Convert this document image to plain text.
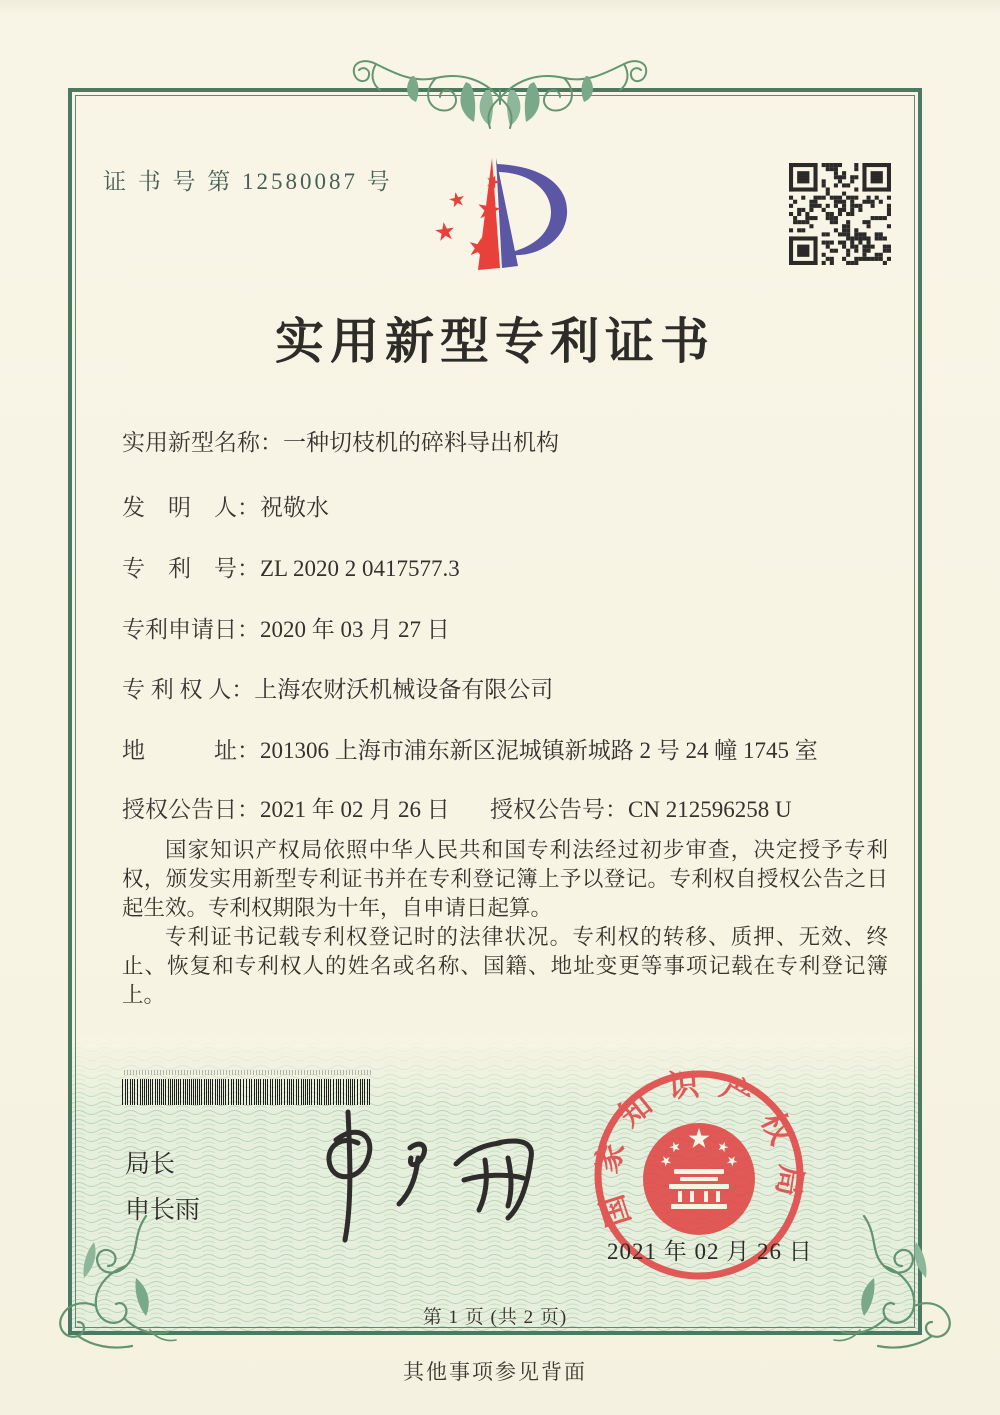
证 书 号 第 12580087 号
实用新型专利证书
实用新型名称：一种切枝机的碎料导出机构
发　明　人：祝敬水
专　利　号：ZL 2020 2 0417577.3
专利申请日：2020 年 03 月 27 日
专 利 权 人：上海农财沃机械设备有限公司
地　　　址：201306 上海市浦东新区泥城镇新城路 2 号 24 幢 1745 室
授权公告日：2021 年 02 月 26 日 授权公告号：CN 212596258 U

国家知识产权局依照中华人民共和国专利法经过初步审查，决定授予专利权，颁发实用新型专利证书并在专利登记簿上予以登记。专利权自授权公告之日起生效。专利权期限为十年，自申请日起算。

专利证书记载专利权登记时的法律状况。专利权的转移、质押、无效、终止、恢复和专利权人的姓名或名称、国籍、地址变更等事项记载在专利登记簿上。

局长
申长雨	国家知识产权局
2021 年 02 月 26 日
第 1 页 (共 2 页)
其他事项参见背面
